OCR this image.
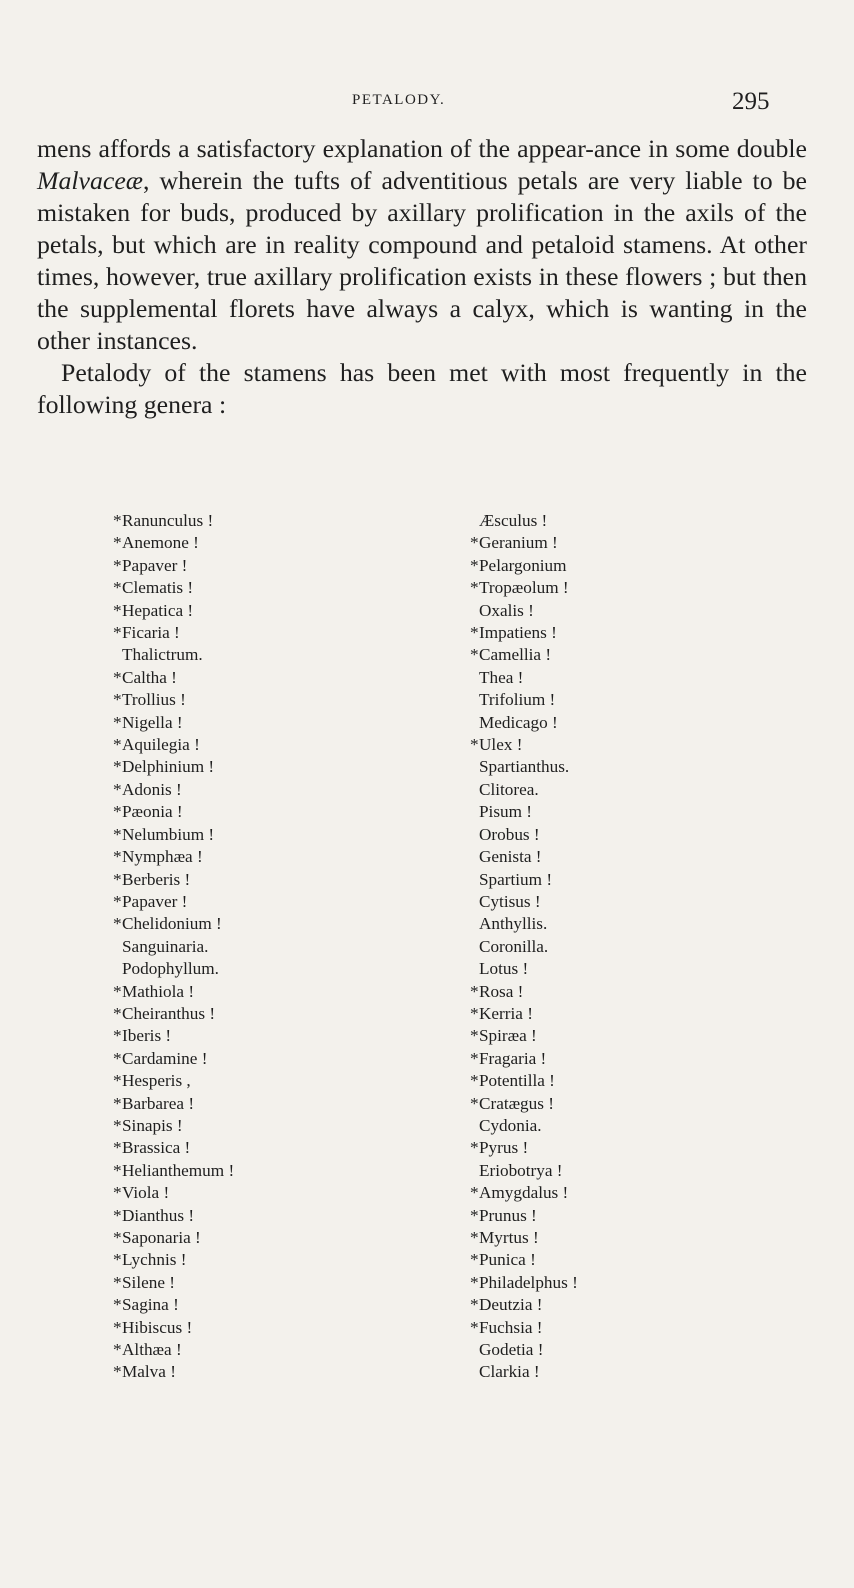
PETALODY.	295

mens affords a satisfactory explanation of the appear-ance in some double Malvaceæ, wherein the tufts of adventitious petals are very liable to be mistaken for buds, produced by axillary prolification in the axils of the petals, but which are in reality compound and petaloid stamens. At other times, however, true axillary prolification exists in these flowers ; but then the supplemental florets have always a calyx, which is wanting in the other instances.

Petalody of the stamens has been met with most frequently in the following genera :

*Ranunculus !
*Anemone !
*Papaver !
*Clematis !
*Hepatica !
*Ficaria !
Thalictrum.
*Caltha !
*Trollius !
*Nigella !
*Aquilegia !
*Delphinium !
*Adonis !
*Pæonia !
*Nelumbium !
*Nymphæa !
*Berberis !
*Papaver !
*Chelidonium !
Sanguinaria.
Podophyllum.
*Mathiola !
*Cheiranthus !
*Iberis !
*Cardamine !
*Hesperis ,
*Barbarea !
*Sinapis !
*Brassica !
*Helianthemum !
*Viola !
*Dianthus !
*Saponaria !
*Lychnis !
*Silene !
*Sagina !
*Hibiscus !
*Althæa !
*Malva !
Æsculus !
*Geranium !
*Pelargonium
*Tropæolum !
Oxalis !
*Impatiens !
*Camellia !
Thea !
Trifolium !
Medicago !
*Ulex !
Spartianthus.
Clitorea.
Pisum !
Orobus !
Genista !
Spartium !
Cytisus !
Anthyllis.
Coronilla.
Lotus !
*Rosa !
*Kerria !
*Spiræa !
*Fragaria !
*Potentilla !
*Cratægus !
Cydonia.
*Pyrus !
Eriobotrya !
*Amygdalus !
*Prunus !
*Myrtus !
*Punica !
*Philadelphus !
*Deutzia !
*Fuchsia !
Godetia !
Clarkia !
